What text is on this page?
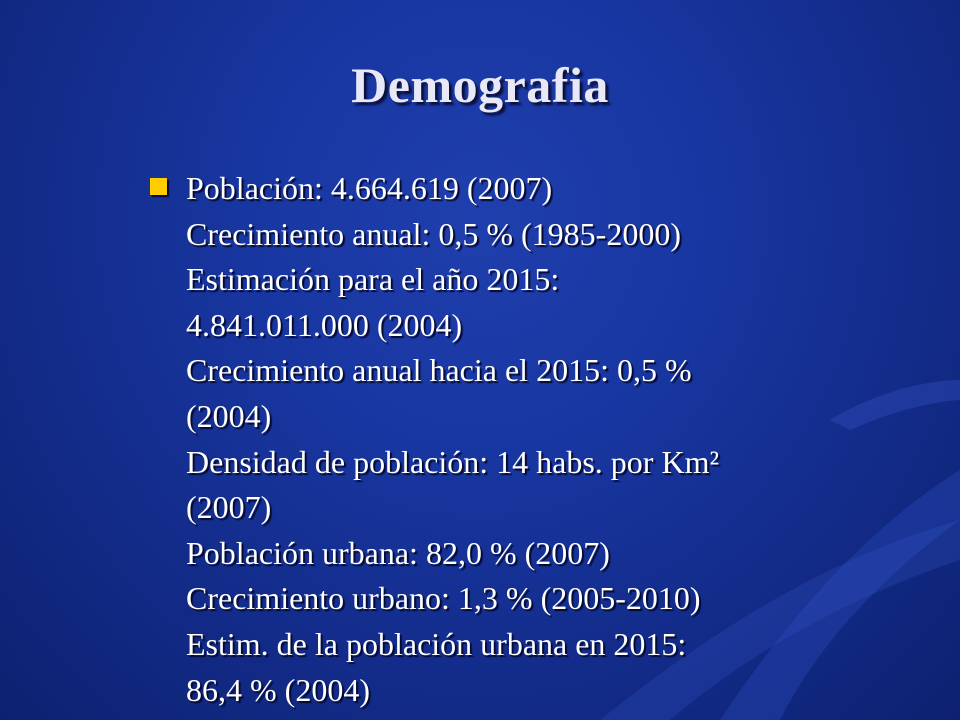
Demografia
Población: 4.664.619 (2007)
Crecimiento anual: 0,5 % (1985-2000)
Estimación para el año 2015:
4.841.011.000 (2004)
Crecimiento anual hacia el 2015: 0,5 %
(2004)
Densidad de población: 14 habs. por Km²
(2007)
Población urbana: 82,0 % (2007)
Crecimiento urbano: 1,3 % (2005-2010)
Estim. de la población urbana en 2015:
86,4 % (2004)
